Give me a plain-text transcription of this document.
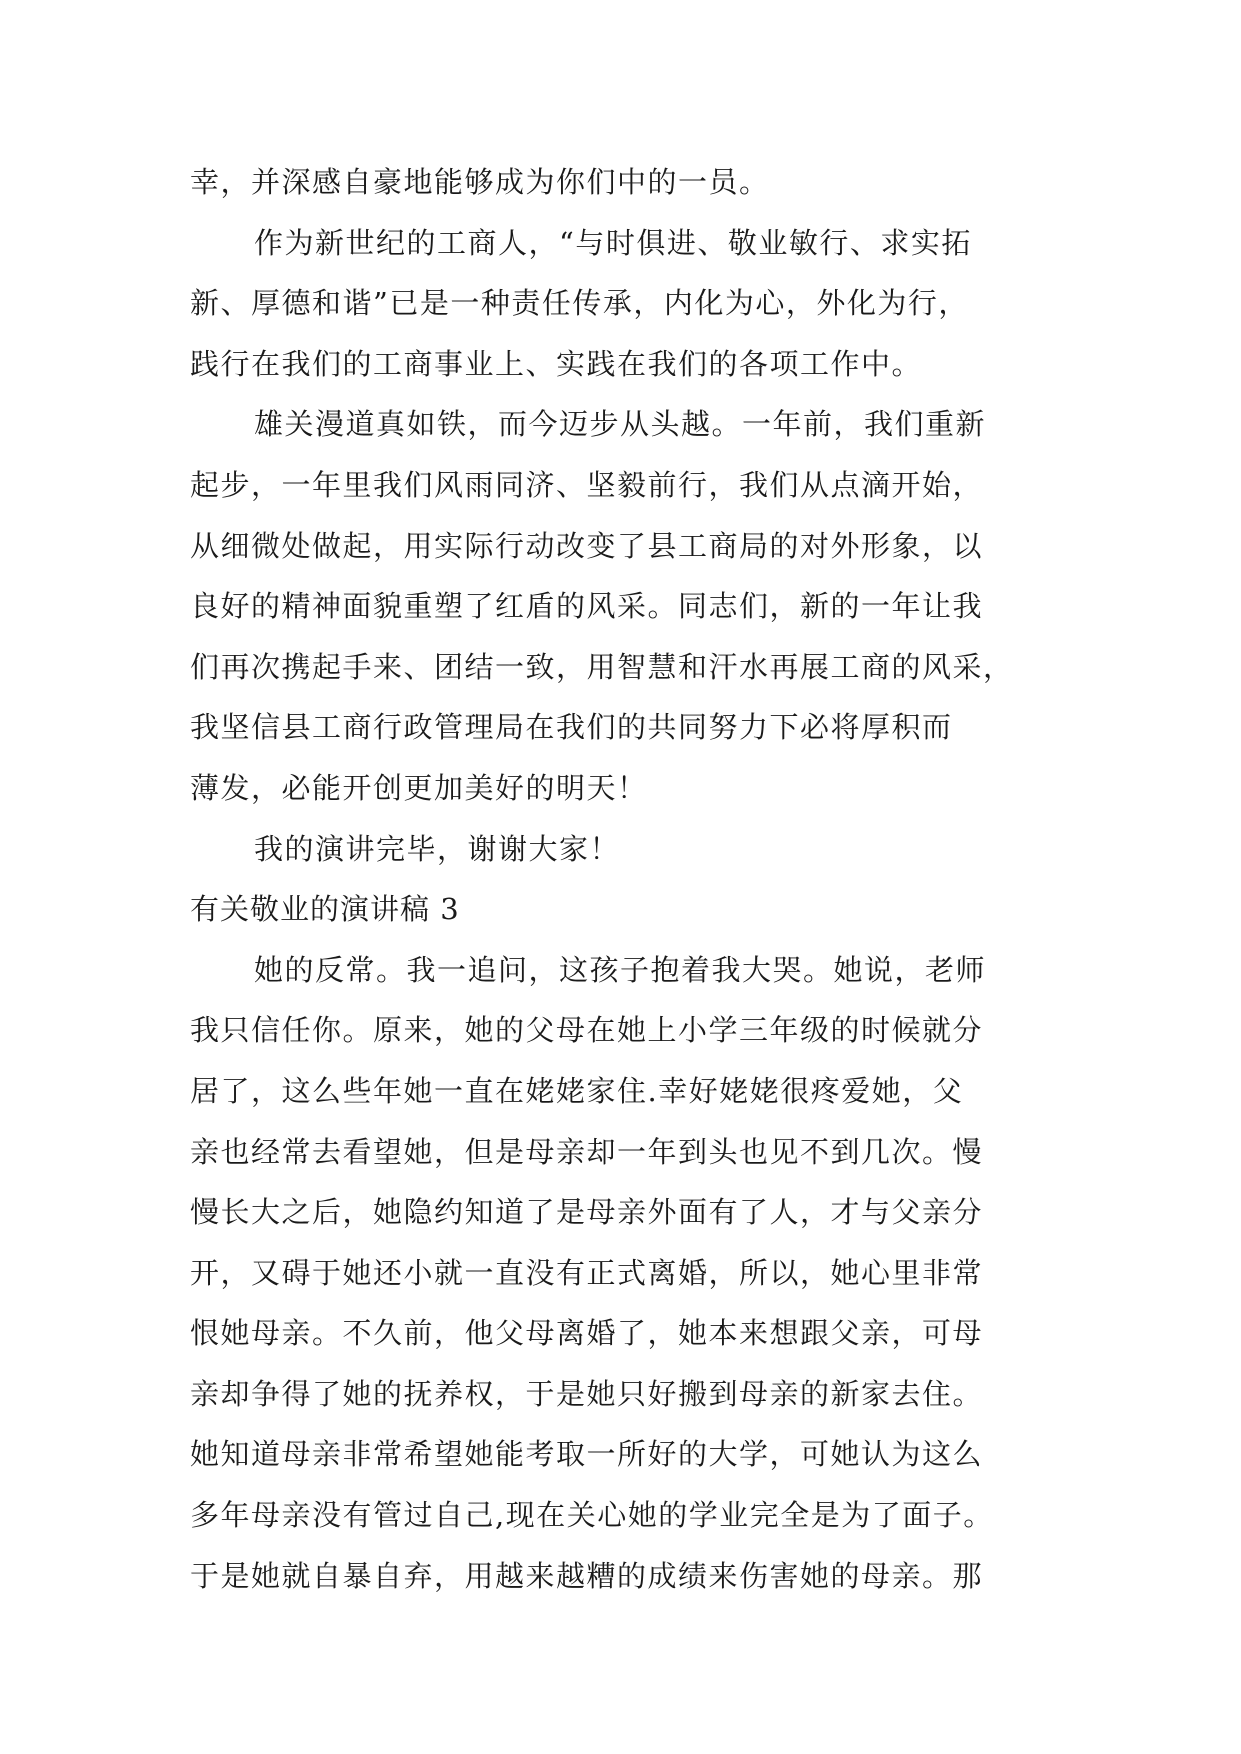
幸，并深感自豪地能够成为你们中的一员。
作为新世纪的工商人，“与时俱进、敬业敏行、求实拓
新、厚德和谐”已是一种责任传承，内化为心，外化为行，
践行在我们的工商事业上、实践在我们的各项工作中。
雄关漫道真如铁，而今迈步从头越。一年前，我们重新
起步，一年里我们风雨同济、坚毅前行，我们从点滴开始，
从细微处做起，用实际行动改变了县工商局的对外形象，以
良好的精神面貌重塑了红盾的风采。同志们，新的一年让我
们再次携起手来、团结一致，用智慧和汗水再展工商的风采，
我坚信县工商行政管理局在我们的共同努力下必将厚积而
薄发，必能开创更加美好的明天！
我的演讲完毕，谢谢大家！
有关敬业的演讲稿 3
她的反常。我一追问，这孩子抱着我大哭。她说，老师
我只信任你。原来，她的父母在她上小学三年级的时候就分
居了，这么些年她一直在姥姥家住.幸好姥姥很疼爱她，父
亲也经常去看望她，但是母亲却一年到头也见不到几次。慢
慢长大之后，她隐约知道了是母亲外面有了人，才与父亲分
开，又碍于她还小就一直没有正式离婚，所以，她心里非常
恨她母亲。不久前，他父母离婚了，她本来想跟父亲，可母
亲却争得了她的抚养权，于是她只好搬到母亲的新家去住。
她知道母亲非常希望她能考取一所好的大学，可她认为这么
多年母亲没有管过自己,现在关心她的学业完全是为了面子。
于是她就自暴自弃，用越来越糟的成绩来伤害她的母亲。那
